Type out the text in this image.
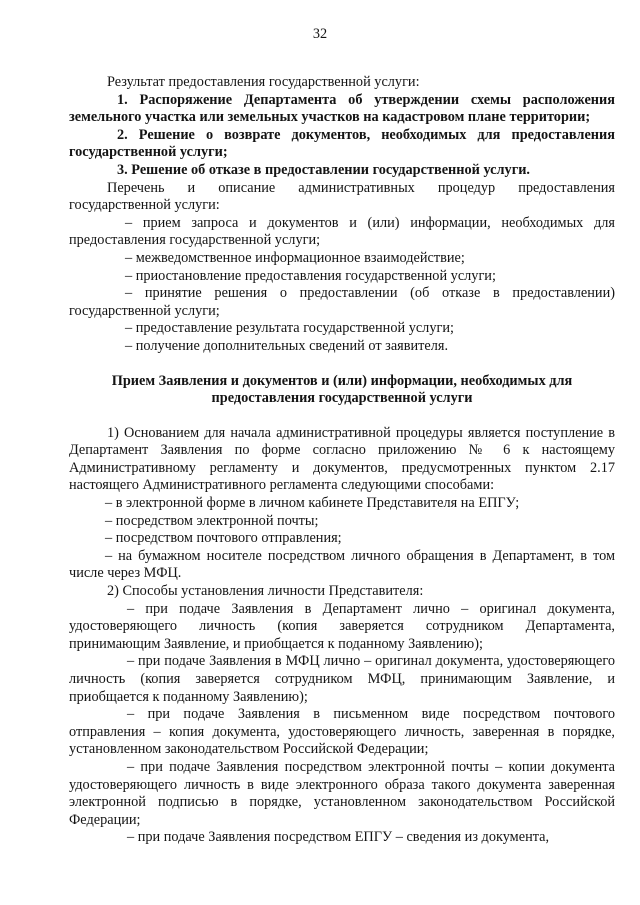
32

Результат предоставления государственной услуги:

1. Распоряжение Департамента об утверждении схемы расположения земельного участка или земельных участков на кадастровом плане территории;

2. Решение о возврате документов, необходимых для предоставления государственной услуги;

3. Решение об отказе в предоставлении государственной услуги.

Перечень и описание административных процедур предоставления государственной услуги:

– прием запроса и документов и (или) информации, необходимых для предоставления государственной услуги;

– межведомственное информационное взаимодействие;

– приостановление предоставления государственной услуги;

– принятие решения о предоставлении (об отказе в предоставлении) государственной услуги;

– предоставление результата государственной услуги;

– получение дополнительных сведений от заявителя.

Прием Заявления и документов и (или) информации, необходимых для предоставления государственной услуги

1) Основанием для начала административной процедуры является поступление в Департамент Заявления по форме согласно приложению № 6 к настоящему Административному регламенту и документов, предусмотренных пунктом 2.17 настоящего Административного регламента следующими способами:

– в электронной форме в личном кабинете Представителя на ЕПГУ;

– посредством электронной почты;

– посредством почтового отправления;

– на бумажном носителе посредством личного обращения в Департамент, в том числе через МФЦ.

2) Способы установления личности Представителя:

– при подаче Заявления в Департамент лично – оригинал документа, удостоверяющего личность (копия заверяется сотрудником Департамента, принимающим Заявление, и приобщается к поданному Заявлению);

– при подаче Заявления в МФЦ лично – оригинал документа, удостоверяющего личность (копия заверяется сотрудником МФЦ, принимающим Заявление, и приобщается к поданному Заявлению);

– при подаче Заявления в письменном виде посредством почтового отправления – копия документа, удостоверяющего личность, заверенная в порядке, установленном законодательством Российской Федерации;

– при подаче Заявления посредством электронной почты – копии документа удостоверяющего личность в виде электронного образа такого документа заверенная электронной подписью в порядке, установленном законодательством Российской Федерации;

– при подаче Заявления посредством ЕПГУ – сведения из документа,
